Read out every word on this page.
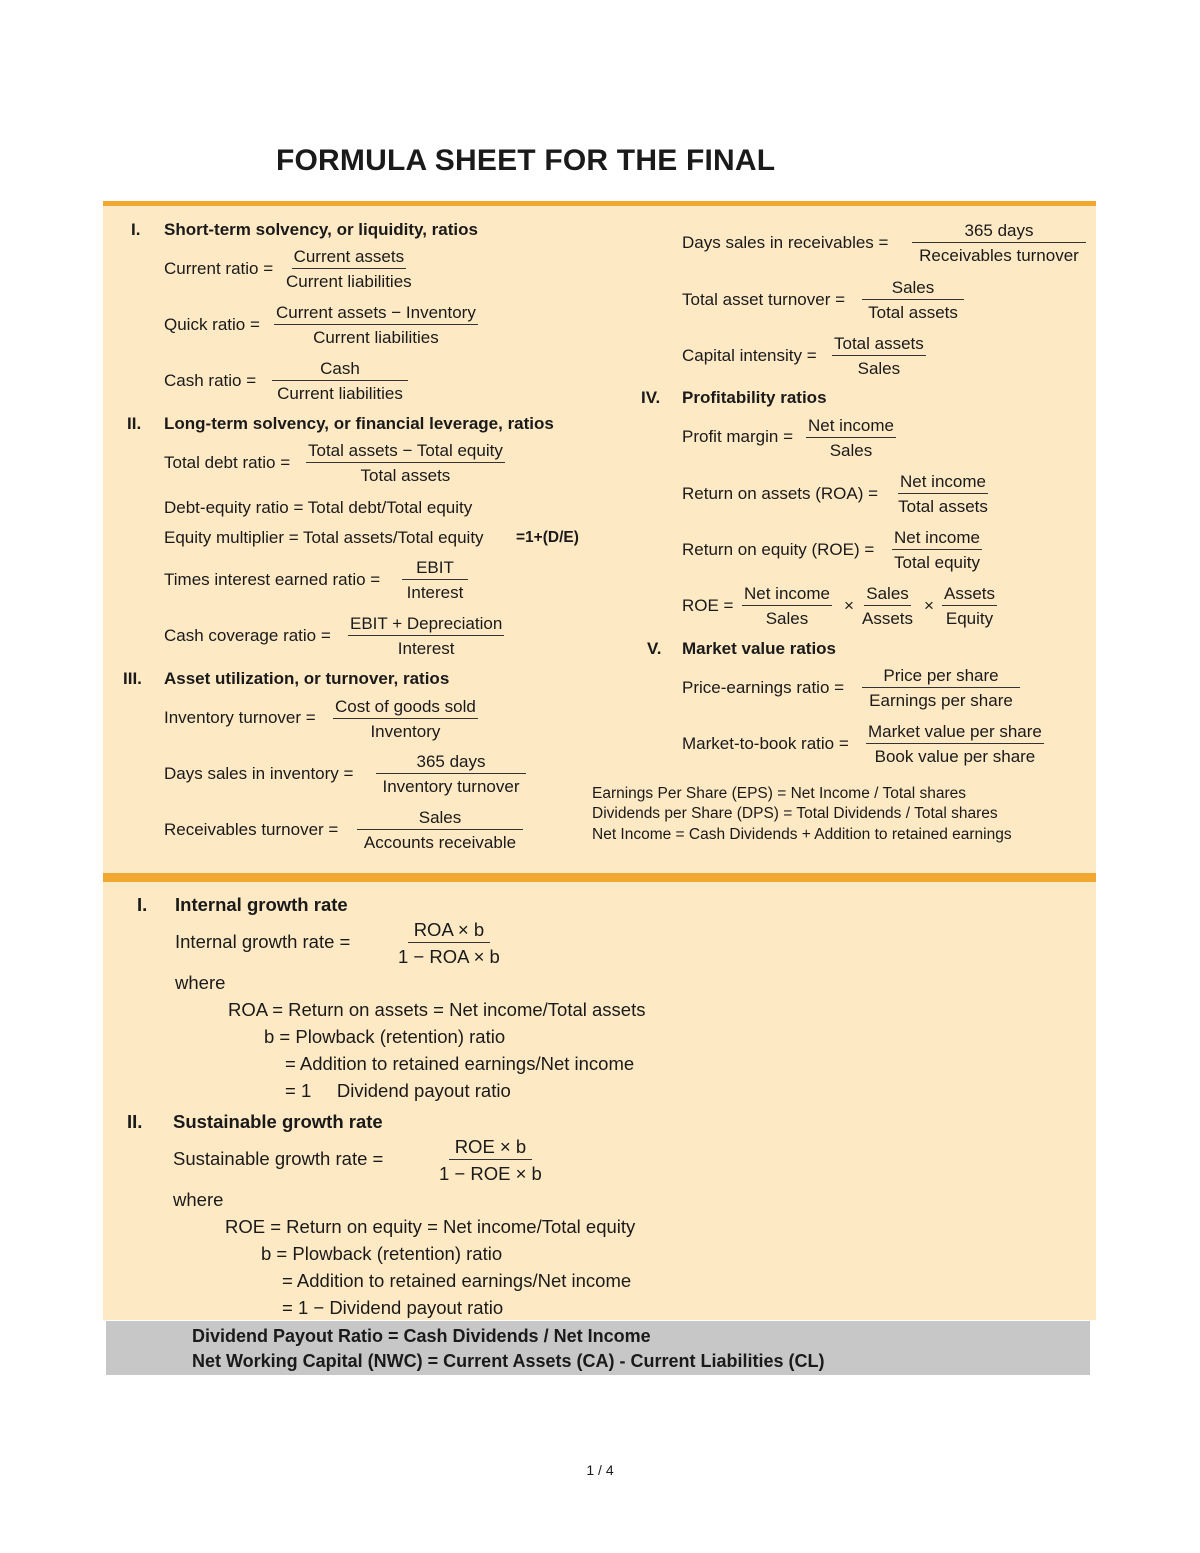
FORMULA SHEET FOR THE FINAL
I. Short-term solvency, or liquidity, ratios
Current ratio =
Current assets
Current liabilities
Quick ratio =
Current assets − Inventory
Current liabilities
Cash ratio =
Cash
Current liabilities
II. Long-term solvency, or financial leverage, ratios
Total debt ratio =
Total assets − Total equity
Total assets
Debt-equity ratio = Total debt/Total equity
Equity multiplier = Total assets/Total equity =1+(D/E)
Times interest earned ratio =
EBIT
Interest
Cash coverage ratio =
EBIT + Depreciation
Interest
III. Asset utilization, or turnover, ratios
Inventory turnover =
Cost of goods sold
Inventory
Days sales in inventory =
365 days
Inventory turnover
Receivables turnover =
Sales
Accounts receivable
Days sales in receivables =
365 days
Receivables turnover
Total asset turnover =
Sales
Total assets
Capital intensity =
Total assets
Sales
IV. Profitability ratios
Profit margin =
Net income
Sales
Return on assets (ROA) =
Net income
Total assets
Return on equity (ROE) =
Net income
Total equity
ROE =
Net income
Sales
×
Sales
Assets
×
Assets
Equity
V. Market value ratios
Price-earnings ratio =
Price per share
Earnings per share
Market-to-book ratio =
Market value per share
Book value per share
Earnings Per Share (EPS) = Net Income / Total shares
Dividends per Share (DPS) = Total Dividends / Total shares
Net Income = Cash Dividends + Addition to retained earnings
I. Internal growth rate
Internal growth rate =
ROA × b
1 − ROA × b
where
ROA = Return on assets = Net income/Total assets
b = Plowback (retention) ratio
= Addition to retained earnings/Net income
= 1     Dividend payout ratio
II. Sustainable growth rate
Sustainable growth rate =
ROE × b
1 − ROE × b
where
ROE = Return on equity = Net income/Total equity
b = Plowback (retention) ratio
= Addition to retained earnings/Net income
= 1 − Dividend payout ratio
Dividend Payout Ratio = Cash Dividends / Net Income
Net Working Capital (NWC) = Current Assets (CA) - Current Liabilities (CL)
1 / 4
